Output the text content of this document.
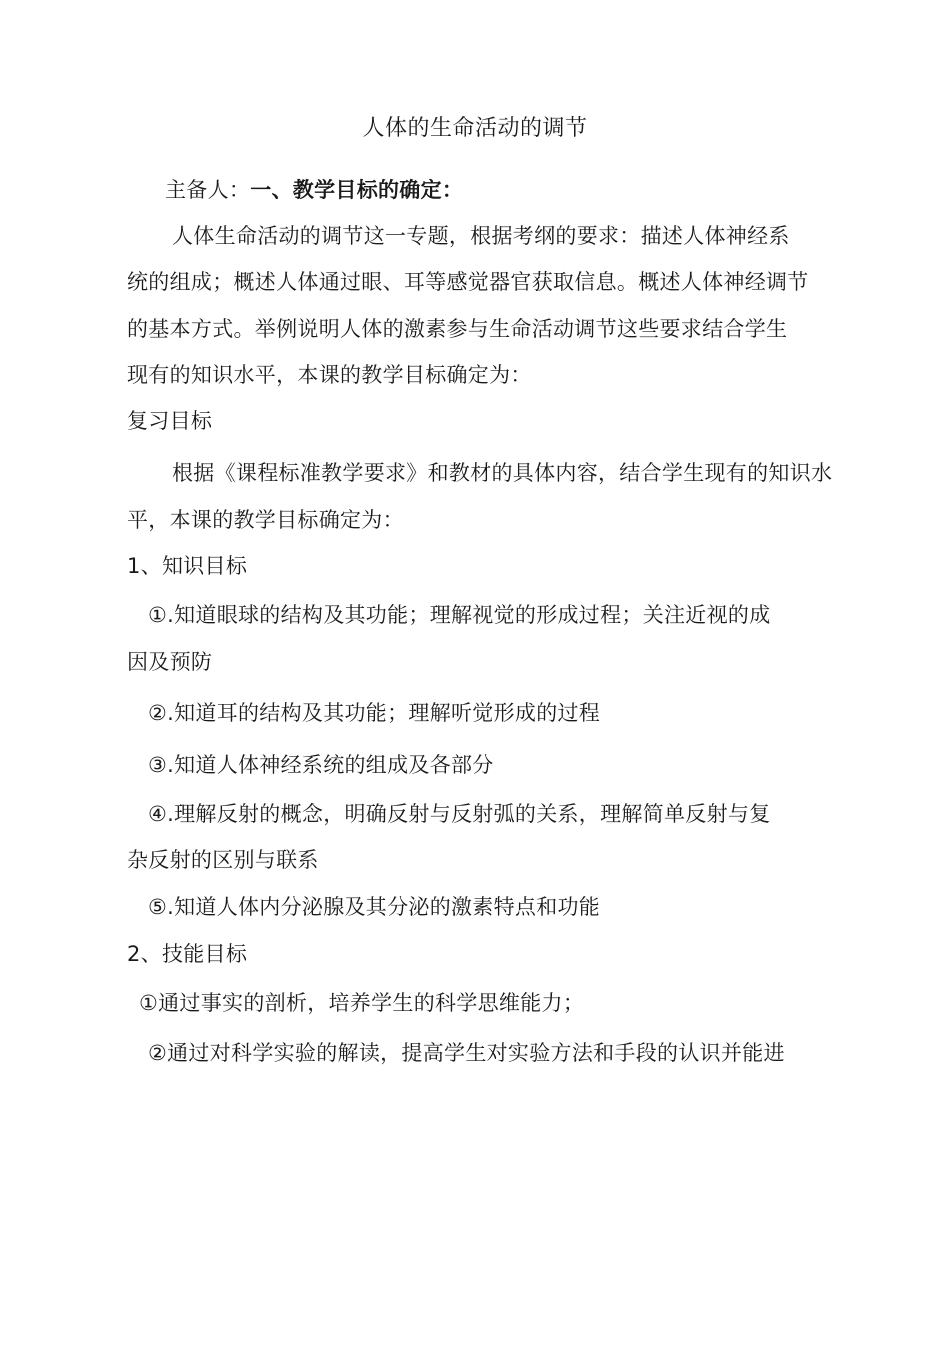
人体的生命活动的调节
主备人：一、教学目标的确定：
人体生命活动的调节这一专题，根据考纲的要求：描述人体神经系
统的组成；概述人体通过眼、耳等感觉器官获取信息。概述人体神经调节
的基本方式。举例说明人体的激素参与生命活动调节这些要求结合学生
现有的知识水平，本课的教学目标确定为：
复习目标
根据《课程标准教学要求》和教材的具体内容，结合学生现有的知识水
平，本课的教学目标确定为：
1、知识目标
①.知道眼球的结构及其功能；理解视觉的形成过程；关注近视的成
因及预防
②.知道耳的结构及其功能；理解听觉形成的过程
③.知道人体神经系统的组成及各部分
④.理解反射的概念，明确反射与反射弧的关系，理解简单反射与复
杂反射的区别与联系
⑤.知道人体内分泌腺及其分泌的激素特点和功能
2、技能目标
①通过事实的剖析，培养学生的科学思维能力；
②通过对科学实验的解读，提高学生对实验方法和手段的认识并能进
